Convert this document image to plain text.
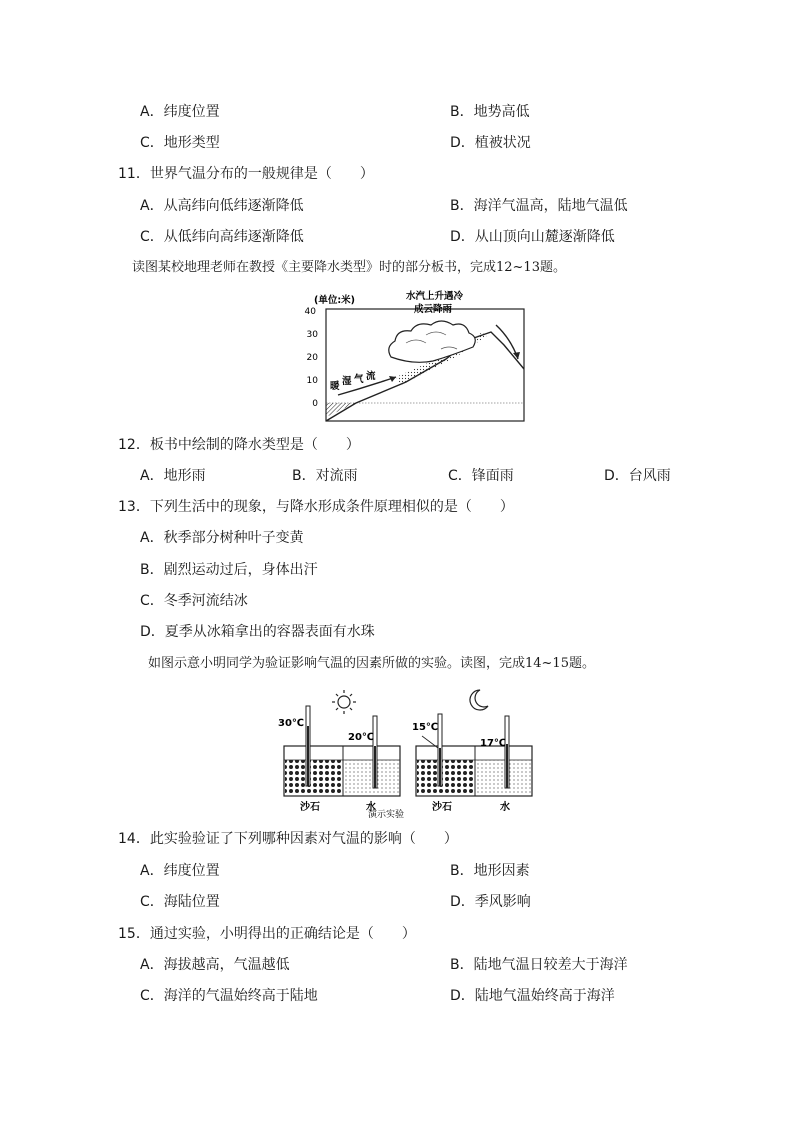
A．纬度位置	B．地势高低
C．地形类型	D．植被状况
11．世界气温分布的一般规律是（　　）
A．从高纬向低纬逐渐降低	B．海洋气温高，陆地气温低
C．从低纬向高纬逐渐降低	D．从山顶向山麓逐渐降低
读图某校地理老师在教授《主要降水类型》时的部分板书，完成12~13题。
(单位:米)
40
30
20
10
0
水汽上升遇冷
成云降雨
暖 湿 气 流
12．板书中绘制的降水类型是（　　）
A．地形雨	B．对流雨	C．锋面雨	D．台风雨
13．下列生活中的现象，与降水形成条件原理相似的是（　　）
A．秋季部分树种叶子变黄
B．剧烈运动过后，身体出汗
C．冬季河流结冰
D．夏季从冰箱拿出的容器表面有水珠
如图示意小明同学为验证影响气温的因素所做的实验。读图，完成14~15题。
30℃
20℃
沙石	水
15℃
17℃
沙石	水
演示实验
14．此实验验证了下列哪种因素对气温的影响（　　）
A．纬度位置	B．地形因素
C．海陆位置	D．季风影响
15．通过实验，小明得出的正确结论是（　　）
A．海拔越高，气温越低	B．陆地气温日较差大于海洋
C．海洋的气温始终高于陆地	D．陆地气温始终高于海洋
